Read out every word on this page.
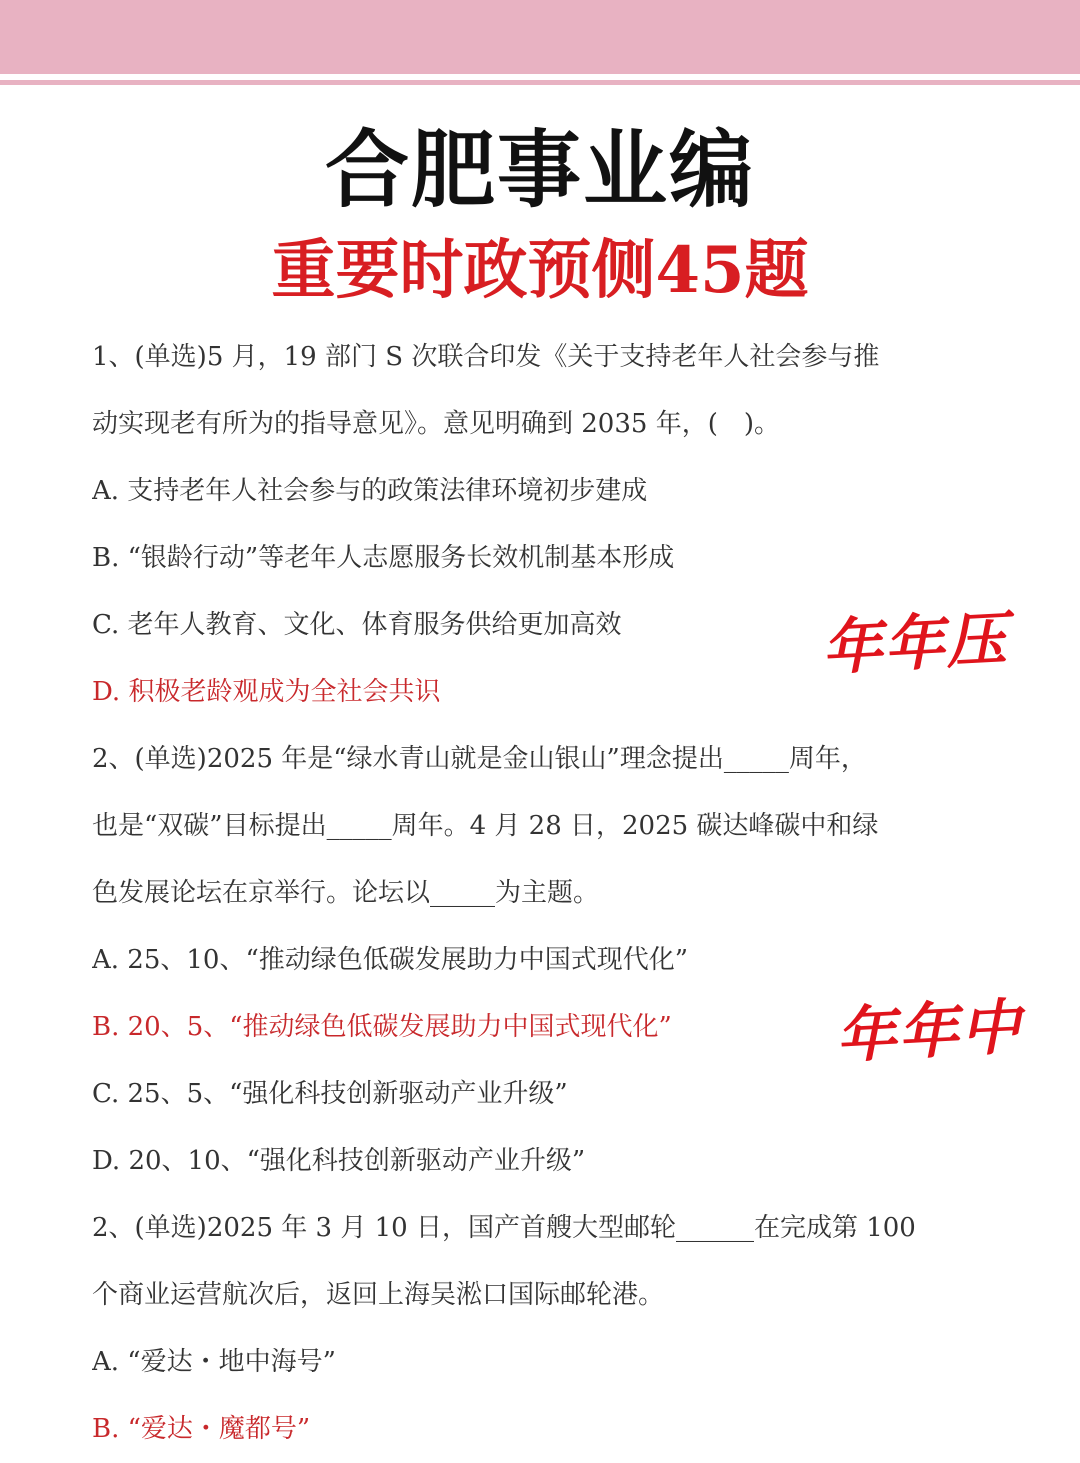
合肥事业编
重要时政预侧45题
1、(单选)5 月，19 部门 S 次联合印发《关于支持老年人社会参与推
动实现老有所为的指导意见》。意见明确到 2035 年，(　)。
A. 支持老年人社会参与的政策法律环境初步建成
B. “银龄行动”等老年人志愿服务长效机制基本形成
C. 老年人教育、文化、体育服务供给更加高效
D. 积极老龄观成为全社会共识
2、(单选)2025 年是“绿水青山就是金山银山”理念提出_____周年，
也是“双碳”目标提出_____周年。4 月 28 日，2025 碳达峰碳中和绿
色发展论坛在京举行。论坛以_____为主题。
A. 25、10、“推动绿色低碳发展助力中国式现代化”
B. 20、5、“推动绿色低碳发展助力中国式现代化”
C. 25、5、“强化科技创新驱动产业升级”
D. 20、10、“强化科技创新驱动产业升级”
2、(单选)2025 年 3 月 10 日，国产首艘大型邮轮______在完成第 100
个商业运营航次后，返回上海吴淞口国际邮轮港。
A. “爱达・地中海号”
B. “爱达・魔都号”
年年压
年年中
